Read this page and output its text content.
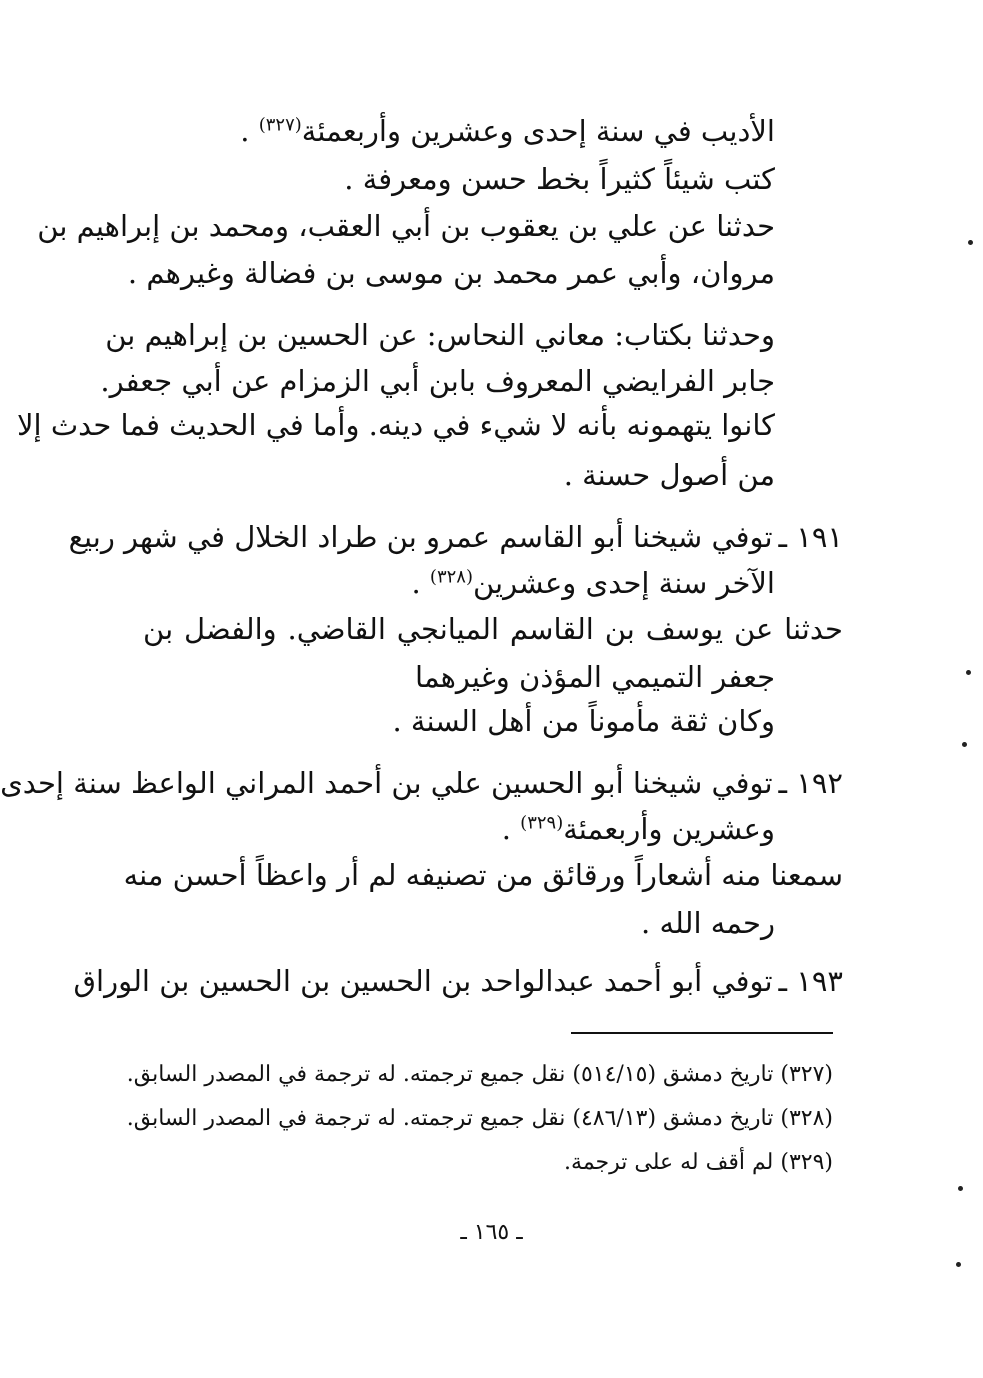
الأديب في سنة إحدى وعشرين وأربعمئة$^{(٣٢٧)}$ .
كتب شيئاً كثيراً بخط حسن ومعرفة .
حدثنا عن علي بن يعقوب بن أبي العقب، ومحمد بن إبراهيم بن
مروان، وأبي عمر محمد بن موسى بن فضالة وغيرهم .
وحدثنا بكتاب: معاني النحاس: عن الحسين بن إبراهيم بن
جابر الفرايضي المعروف بابن أبي الزمزام عن أبي جعفر.
كانوا يتهمونه بأنه لا شيء في دينه. وأما في الحديث فما حدث إلا
من أصول حسنة .
١٩١ ـتوفي شيخنا أبو القاسم عمرو بن طراد الخلال في شهر ربيع
الآخر سنة إحدى وعشرين$^{(٣٢٨)}$ .
حدثنا عن يوسف بن القاسم الميانجي القاضي. والفضل بن
جعفر التميمي المؤذن وغيرهما
وكان ثقة مأموناً من أهل السنة .
١٩٢ ـتوفي شيخنا أبو الحسين علي بن أحمد المراني الواعظ سنة إحدى
وعشرين وأربعمئة$^{(٣٢٩)}$ .
سمعنا منه أشعاراً ورقائق من تصنيفه لم أر واعظاً أحسن منه
رحمه الله .
١٩٣ ـتوفي أبو أحمد عبدالواحد بن الحسين بن الحسين بن الوراق
(٣٢٧) تاريخ دمشق (٥١٤/١٥) نقل جميع ترجمته. له ترجمة في المصدر السابق.
(٣٢٨) تاريخ دمشق (٤٨٦/١٣) نقل جميع ترجمته. له ترجمة في المصدر السابق.
(٣٢٩) لم أقف له على ترجمة.
ـ ١٦٥ ـ
